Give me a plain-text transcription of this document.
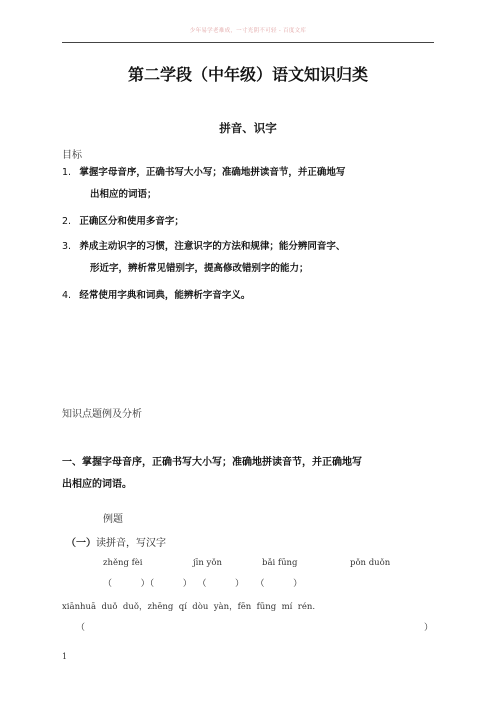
少年易学老难成，一寸光阴不可轻 - 百度文库
第二学段（中年级）语文知识归类
拼音、识字
目标
1. 掌握字母音序，正确书写大小写；准确地拼读音节，并正确地写
出相应的词语；
2. 正确区分和使用多音字；
3. 养成主动识字的习惯，注意识字的方法和规律；能分辨同音字、
形近字，辨析常见错别字，提高修改错别字的能力；
4. 经常使用字典和词典，能辨析字音字义。
知识点题例及分析
一、掌握字母音序，正确书写大小写；准确地拼读音节，并正确地写
出相应的词语。
例题
（一）读拼音，写汉字
zhěng fèi	jīn yǒn	bǎi fūng	pǒn duǒn
（          ）（          ）  （          ）    （          ）
xiānhuā  duǒ  duǒ，zhēng  qí  dòu  yàn，fēn  fūng  mí  rén.
（	）
1
